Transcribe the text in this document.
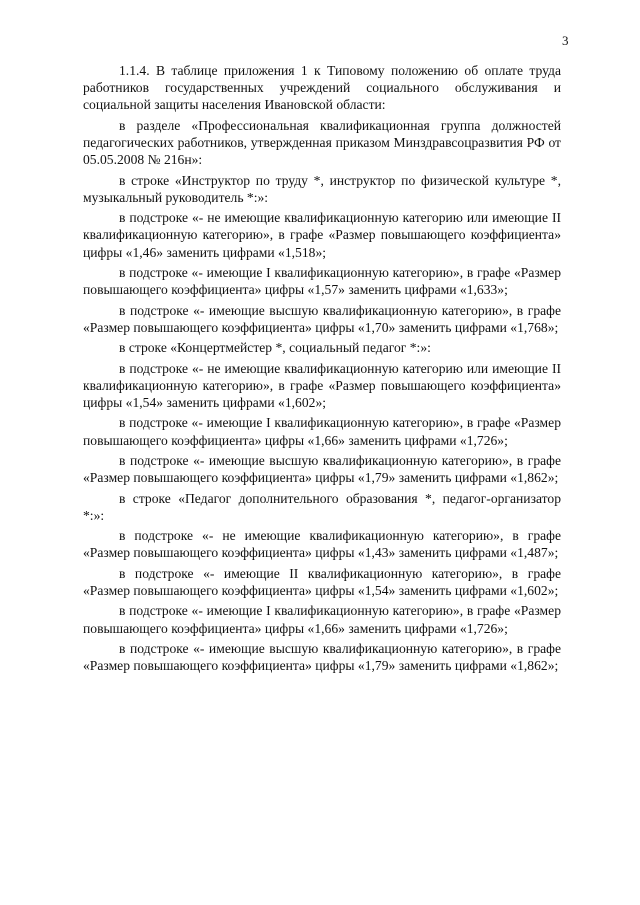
3

1.1.4. В таблице приложения 1 к Типовому положению об оплате труда работников государственных учреждений социального обслуживания и социальной защиты населения Ивановской области:

в разделе «Профессиональная квалификационная группа должностей педагогических работников, утвержденная приказом Минздравсоцразвития РФ от 05.05.2008 № 216н»:

в строке «Инструктор по труду *, инструктор по физической культуре *, музыкальный руководитель *:»:

в подстроке «- не имеющие квалификационную категорию или имеющие II квалификационную категорию», в графе «Размер повышающего коэффициента» цифры «1,46» заменить цифрами «1,518»;

в подстроке «- имеющие I квалификационную категорию», в графе «Размер повышающего коэффициента» цифры «1,57» заменить цифрами «1,633»;

в подстроке «- имеющие высшую квалификационную категорию», в графе «Размер повышающего коэффициента» цифры «1,70» заменить цифрами «1,768»;

в строке «Концертмейстер *, социальный педагог *:»:

в подстроке «- не имеющие квалификационную категорию или имеющие II квалификационную категорию», в графе «Размер повышающего коэффициента» цифры «1,54» заменить цифрами «1,602»;

в подстроке «- имеющие I квалификационную категорию», в графе «Размер повышающего коэффициента» цифры «1,66» заменить цифрами «1,726»;

в подстроке «- имеющие высшую квалификационную категорию», в графе «Размер повышающего коэффициента» цифры «1,79» заменить цифрами «1,862»;

в строке «Педагог дополнительного образования *, педагог-организатор *:»:

в подстроке «- не имеющие квалификационную категорию», в графе «Размер повышающего коэффициента» цифры «1,43» заменить цифрами «1,487»;

в подстроке «- имеющие II квалификационную категорию», в графе «Размер повышающего коэффициента» цифры «1,54» заменить цифрами «1,602»;

в подстроке «- имеющие I квалификационную категорию», в графе «Размер повышающего коэффициента» цифры «1,66» заменить цифрами «1,726»;

в подстроке «- имеющие высшую квалификационную категорию», в графе «Размер повышающего коэффициента» цифры «1,79» заменить цифрами «1,862»;
